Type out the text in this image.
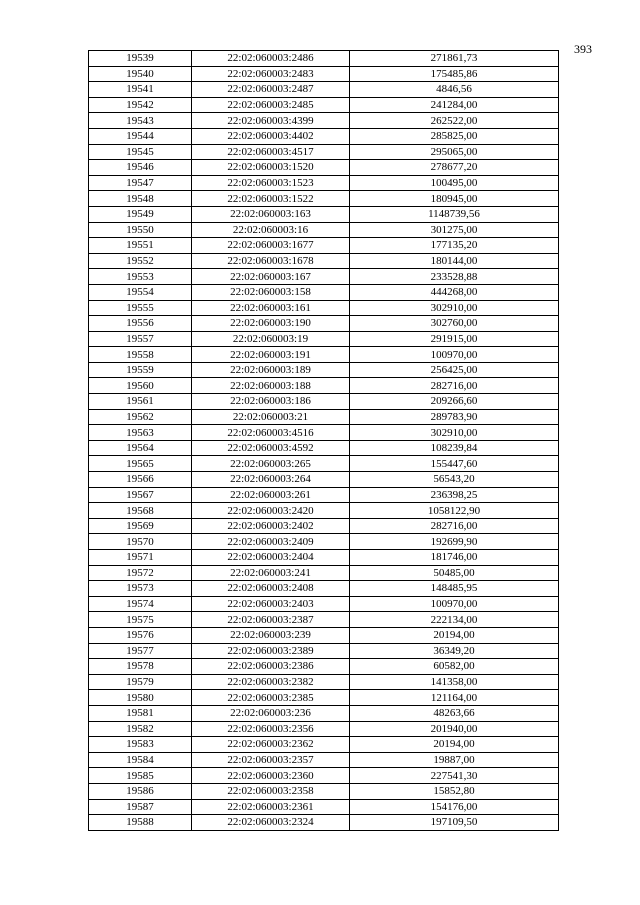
393
19539	22:02:060003:2486	271861,73
19540	22:02:060003:2483	175485,86
19541	22:02:060003:2487	4846,56
19542	22:02:060003:2485	241284,00
19543	22:02:060003:4399	262522,00
19544	22:02:060003:4402	285825,00
19545	22:02:060003:4517	295065,00
19546	22:02:060003:1520	278677,20
19547	22:02:060003:1523	100495,00
19548	22:02:060003:1522	180945,00
19549	22:02:060003:163	1148739,56
19550	22:02:060003:16	301275,00
19551	22:02:060003:1677	177135,20
19552	22:02:060003:1678	180144,00
19553	22:02:060003:167	233528,88
19554	22:02:060003:158	444268,00
19555	22:02:060003:161	302910,00
19556	22:02:060003:190	302760,00
19557	22:02:060003:19	291915,00
19558	22:02:060003:191	100970,00
19559	22:02:060003:189	256425,00
19560	22:02:060003:188	282716,00
19561	22:02:060003:186	209266,60
19562	22:02:060003:21	289783,90
19563	22:02:060003:4516	302910,00
19564	22:02:060003:4592	108239,84
19565	22:02:060003:265	155447,60
19566	22:02:060003:264	56543,20
19567	22:02:060003:261	236398,25
19568	22:02:060003:2420	1058122,90
19569	22:02:060003:2402	282716,00
19570	22:02:060003:2409	192699,90
19571	22:02:060003:2404	181746,00
19572	22:02:060003:241	50485,00
19573	22:02:060003:2408	148485,95
19574	22:02:060003:2403	100970,00
19575	22:02:060003:2387	222134,00
19576	22:02:060003:239	20194,00
19577	22:02:060003:2389	36349,20
19578	22:02:060003:2386	60582,00
19579	22:02:060003:2382	141358,00
19580	22:02:060003:2385	121164,00
19581	22:02:060003:236	48263,66
19582	22:02:060003:2356	201940,00
19583	22:02:060003:2362	20194,00
19584	22:02:060003:2357	19887,00
19585	22:02:060003:2360	227541,30
19586	22:02:060003:2358	15852,80
19587	22:02:060003:2361	154176,00
19588	22:02:060003:2324	197109,50
